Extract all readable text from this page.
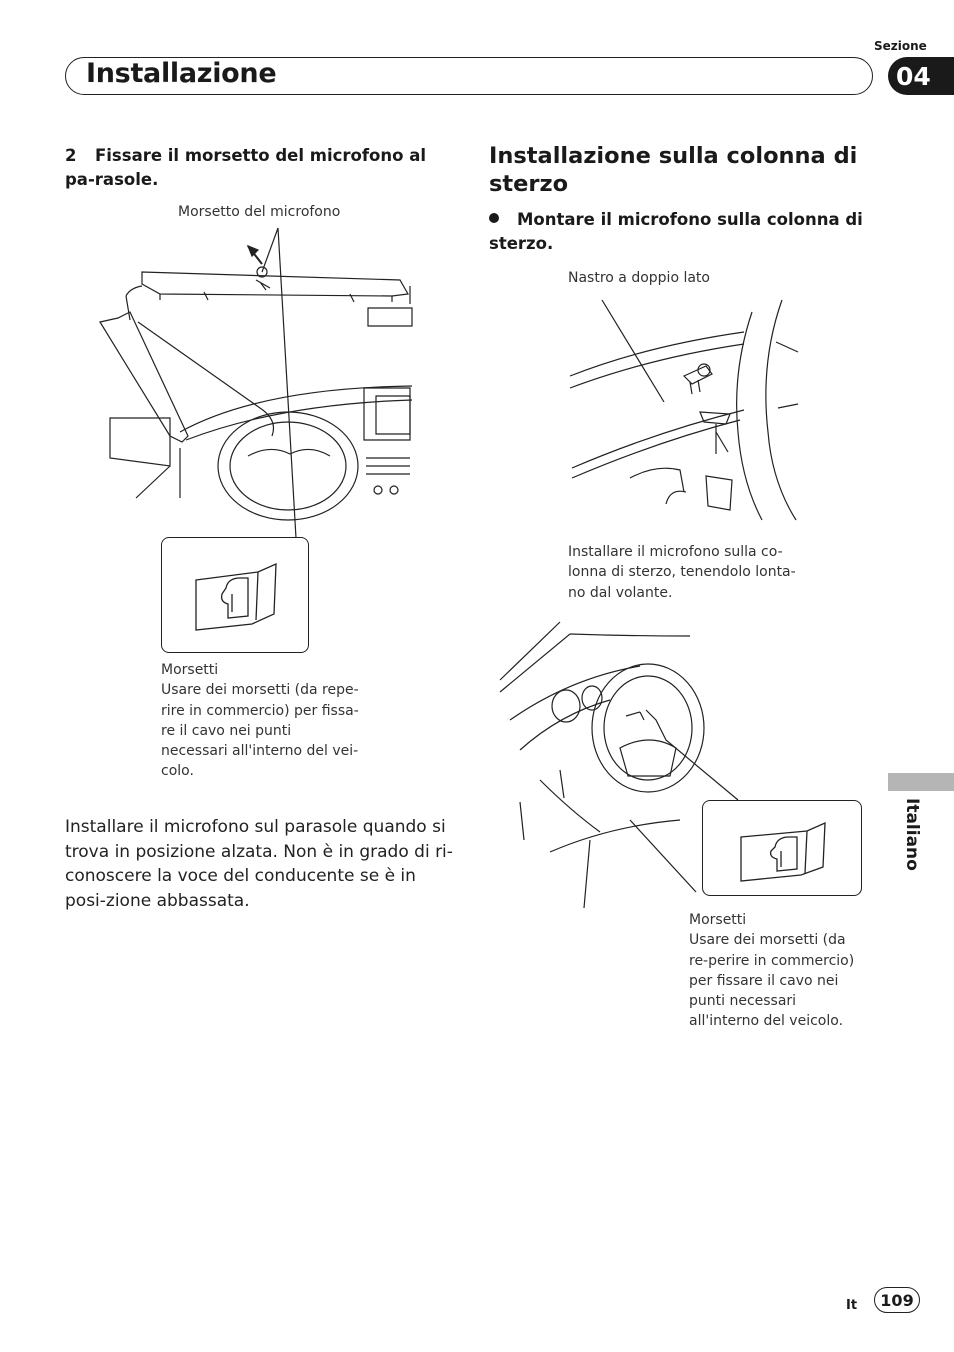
Installazione
Sezione
04
Italiano
2 Fissare il morsetto del microfono al pa-rasole.
Morsetto del microfono
Morsetti
Usare dei morsetti (da repe-rire in commercio) per fissa-re il cavo nei punti necessari all'interno del vei-colo.
Installare il microfono sul parasole quando si trova in posizione alzata. Non è in grado di ri-conoscere la voce del conducente se è in posi-zione abbassata.
Installazione sulla colonna di sterzo
Montare il microfono sulla colonna di sterzo.
Nastro a doppio lato
Installare il microfono sulla co-lonna di sterzo, tenendolo lonta-no dal volante.
Morsetti
Usare dei morsetti (da re-perire in commercio) per fissare il cavo nei punti necessari all'interno del veicolo.
It	109
